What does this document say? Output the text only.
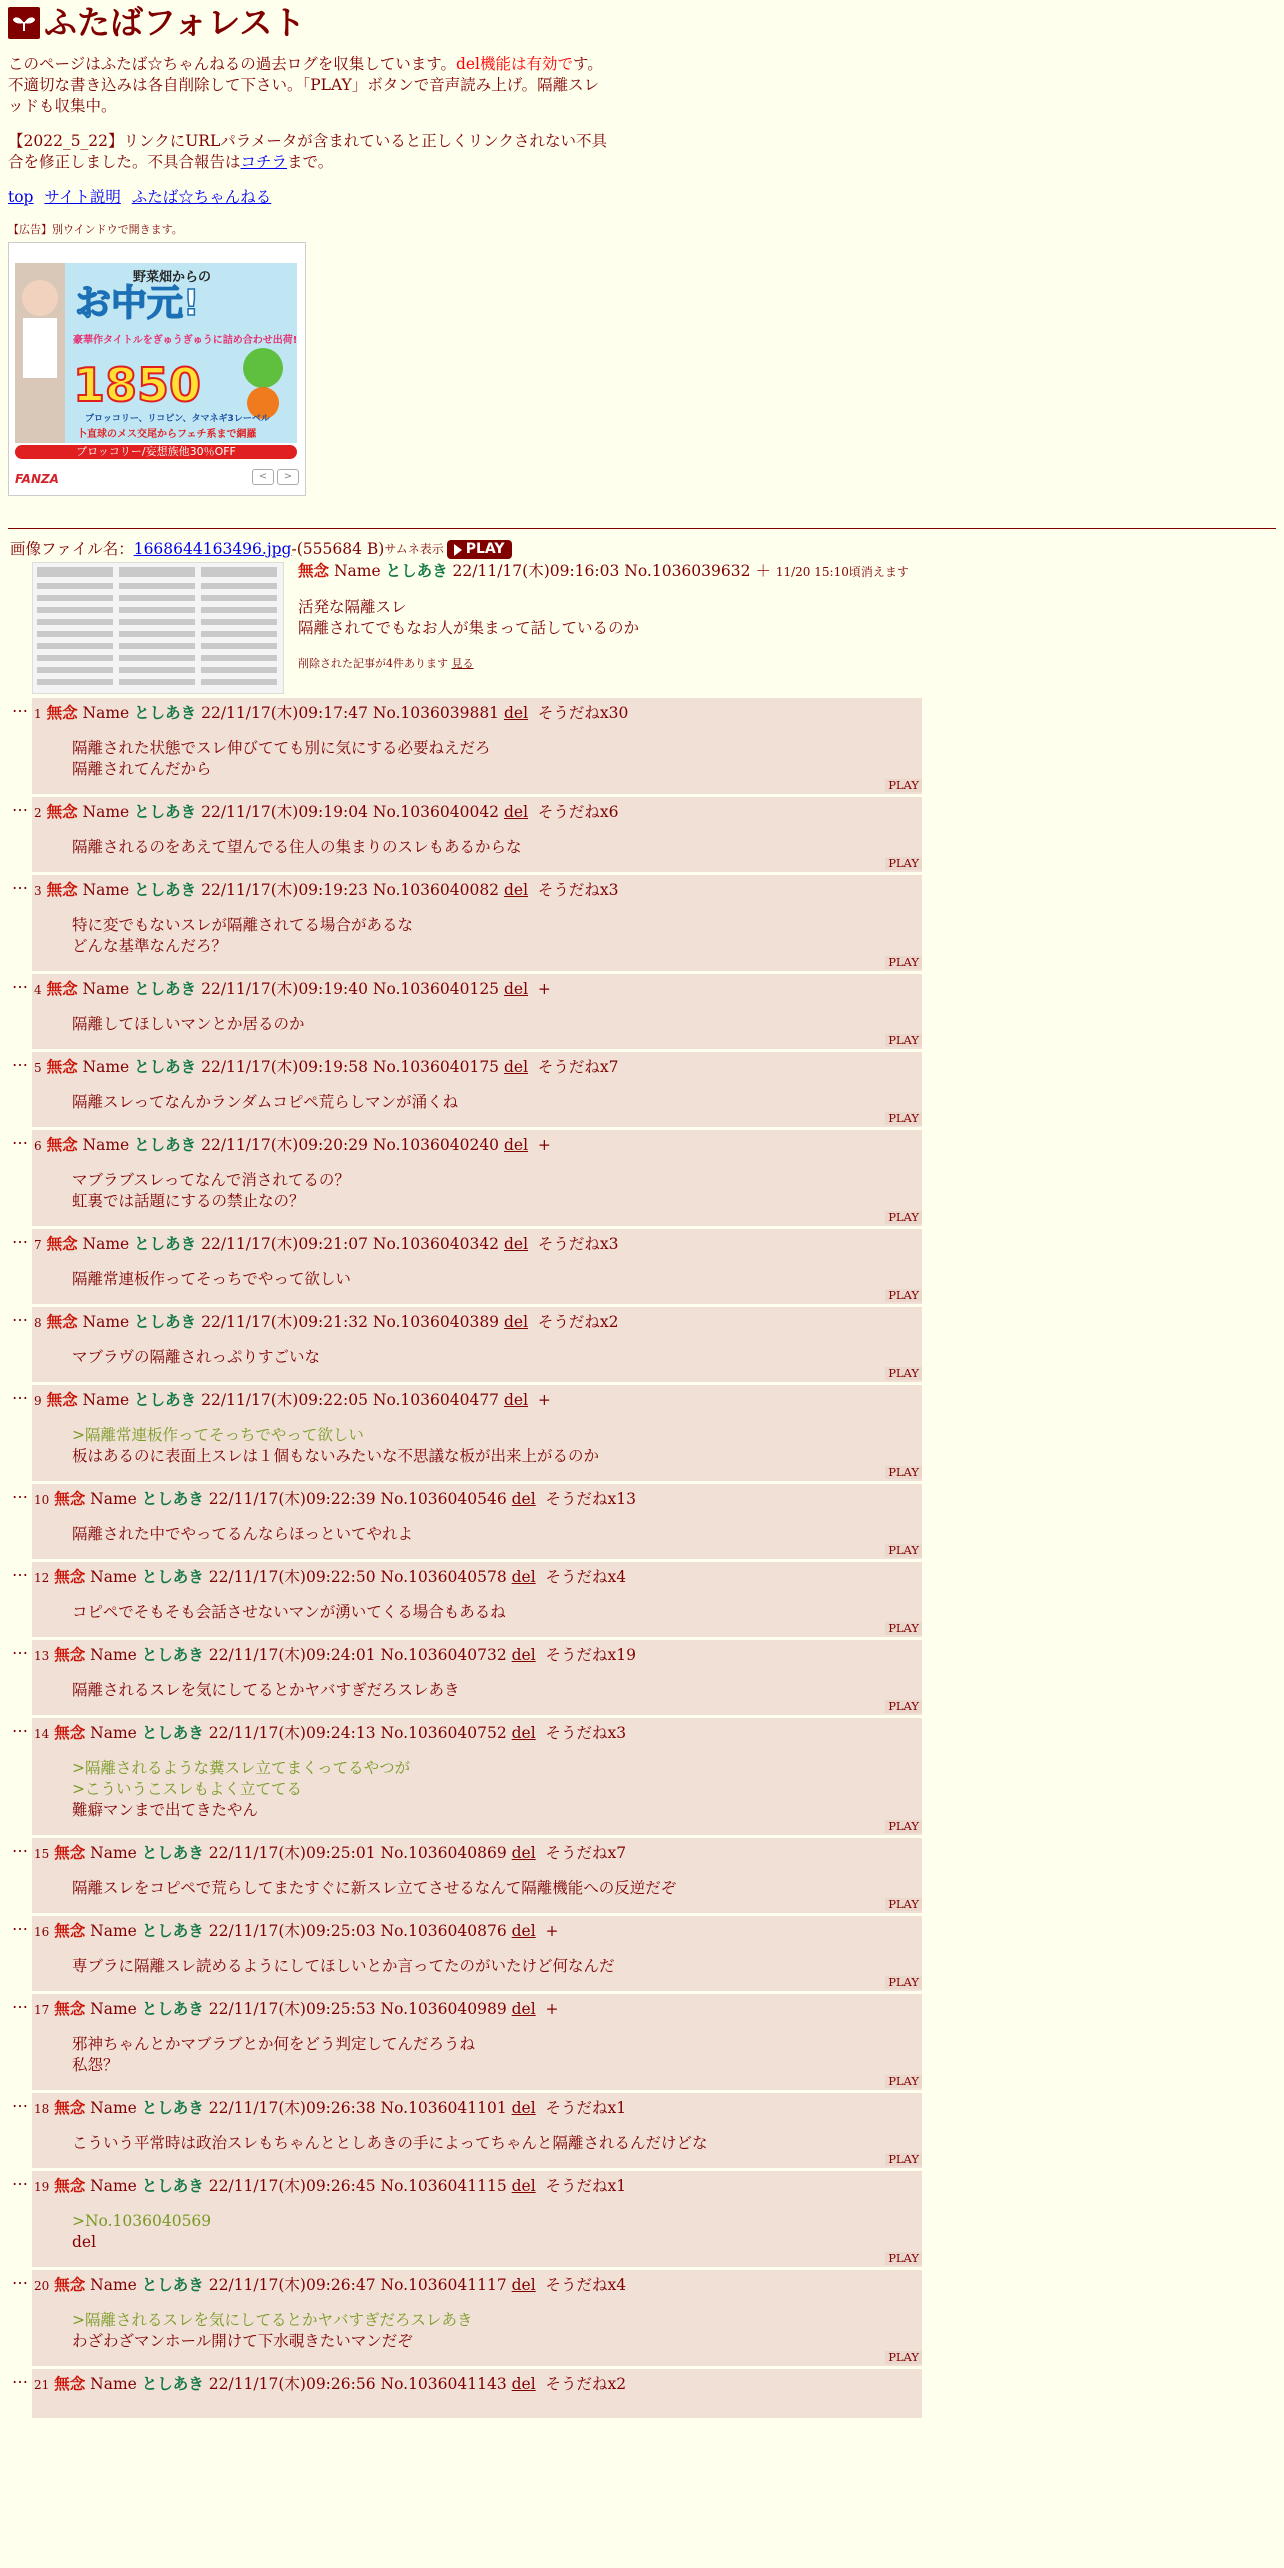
ふたばフォレスト
このページはふたば☆ちゃんねるの過去ログを収集しています。del機能は有効です。不適切な書き込みは各自削除して下さい。「PLAY」ボタンで音声読み上げ。隔離スレッドも収集中。
【2022_5_22】リンクにURLパラメータが含まれていると正しくリンクされない不具合を修正しました。不具合報告はコチラまで。
top サイト説明 ふたば☆ちゃんねる
【広告】別ウインドウで開きます。
野菜畑からの
お中元!
豪華作タイトルをぎゅうぎゅうに詰め合わせ出荷!
1850
ブロッコリー、リコピン、タマネギ3レーベル
卜直球のメス交尾からフェチ系まで網羅
ブロッコリー/妄想族他30％OFF
FANZA	<	>
画像ファイル名： 1668644163496.jpg -(555684 B) サムネ表示 PLAY
無念 Name としあき 22/11/17(木)09:16:03 No.1036039632 ＋ 11/20 15:10頃消えます
活発な隔離スレ
隔離されてでもなお人が集まって話しているのか
削除された記事が4件あります 見る
… 1 無念 Name としあき 22/11/17(木)09:17:47 No.1036039881 del そうだねx30
隔離された状態でスレ伸びてても別に気にする必要ねえだろ
隔離されてんだから
PLAY
… 2 無念 Name としあき 22/11/17(木)09:19:04 No.1036040042 del そうだねx6
隔離されるのをあえて望んでる住人の集まりのスレもあるからな
PLAY
… 3 無念 Name としあき 22/11/17(木)09:19:23 No.1036040082 del そうだねx3
特に変でもないスレが隔離されてる場合があるな
どんな基準なんだろ？
PLAY
… 4 無念 Name としあき 22/11/17(木)09:19:40 No.1036040125 del +
隔離してほしいマンとか居るのか
PLAY
… 5 無念 Name としあき 22/11/17(木)09:19:58 No.1036040175 del そうだねx7
隔離スレってなんかランダムコピペ荒らしマンが涌くね
PLAY
… 6 無念 Name としあき 22/11/17(木)09:20:29 No.1036040240 del +
マブラブスレってなんで消されてるの？
虹裏では話題にするの禁止なの？
PLAY
… 7 無念 Name としあき 22/11/17(木)09:21:07 No.1036040342 del そうだねx3
隔離常連板作ってそっちでやって欲しい
PLAY
… 8 無念 Name としあき 22/11/17(木)09:21:32 No.1036040389 del そうだねx2
マブラヴの隔離されっぷりすごいな
PLAY
… 9 無念 Name としあき 22/11/17(木)09:22:05 No.1036040477 del +
>隔離常連板作ってそっちでやって欲しい
板はあるのに表面上スレは１個もないみたいな不思議な板が出来上がるのか
PLAY
… 10 無念 Name としあき 22/11/17(木)09:22:39 No.1036040546 del そうだねx13
隔離された中でやってるんならほっといてやれよ
PLAY
… 12 無念 Name としあき 22/11/17(木)09:22:50 No.1036040578 del そうだねx4
コピペでそもそも会話させないマンが湧いてくる場合もあるね
PLAY
… 13 無念 Name としあき 22/11/17(木)09:24:01 No.1036040732 del そうだねx19
隔離されるスレを気にしてるとかヤバすぎだろスレあき
PLAY
… 14 無念 Name としあき 22/11/17(木)09:24:13 No.1036040752 del そうだねx3
>隔離されるような糞スレ立てまくってるやつが
>こういうこスレもよく立ててる
難癖マンまで出てきたやん
PLAY
… 15 無念 Name としあき 22/11/17(木)09:25:01 No.1036040869 del そうだねx7
隔離スレをコピペで荒らしてまたすぐに新スレ立てさせるなんて隔離機能への反逆だぞ
PLAY
… 16 無念 Name としあき 22/11/17(木)09:25:03 No.1036040876 del +
専ブラに隔離スレ読めるようにしてほしいとか言ってたのがいたけど何なんだ
PLAY
… 17 無念 Name としあき 22/11/17(木)09:25:53 No.1036040989 del +
邪神ちゃんとかマブラブとか何をどう判定してんだろうね
私怨？
PLAY
… 18 無念 Name としあき 22/11/17(木)09:26:38 No.1036041101 del そうだねx1
こういう平常時は政治スレもちゃんととしあきの手によってちゃんと隔離されるんだけどな
PLAY
… 19 無念 Name としあき 22/11/17(木)09:26:45 No.1036041115 del そうだねx1
>No.1036040569
del
PLAY
… 20 無念 Name としあき 22/11/17(木)09:26:47 No.1036041117 del そうだねx4
>隔離されるスレを気にしてるとかヤバすぎだろスレあき
わざわざマンホール開けて下水覗きたいマンだぞ
PLAY
… 21 無念 Name としあき 22/11/17(木)09:26:56 No.1036041143 del そうだねx2
